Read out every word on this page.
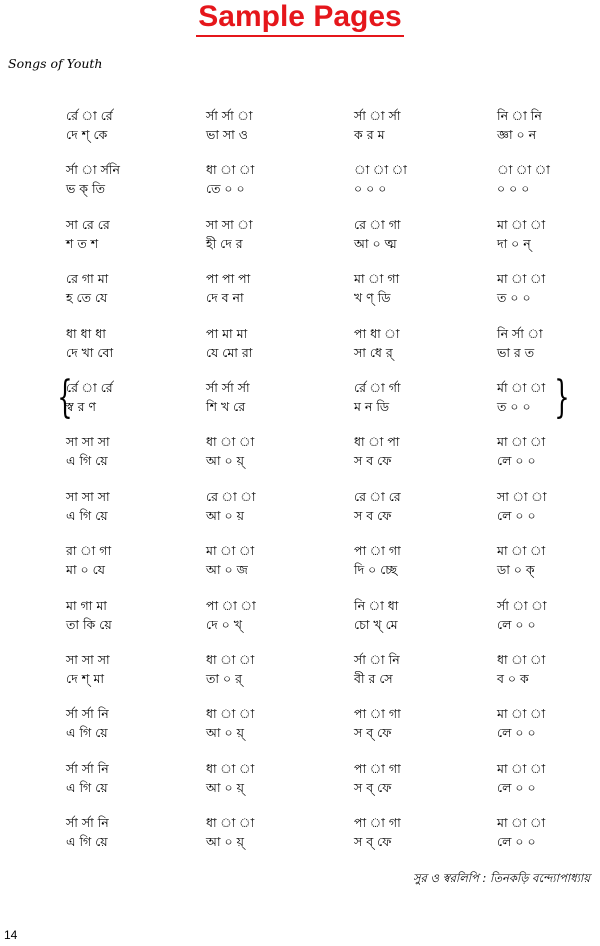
Sample Pages
Songs of Youth
র্রে া র্রে	র্সা র্সা া	র্সা া র্সা	নি া নি
দে শ্ কে	ভা সা ও	ক র ম	জ্ঞা ০ ন
র্সা া র্সনি	ধা া া	া া া	া া া
ভ ক্ তি	তে ০ ০	০ ০ ০	০ ০ ০
সা রে রে	সা সা া	রে া গা	মা া া
শ ত শ	হী দে র	আ ০ ত্ম	দা ০ ন্
রে গা মা	পা পা পা	মা া গা	মা া া
হ তে যে	দে ব না	খ ণ্ ডি	ত ০ ০
ধা ধা ধা	পা মা মা	পা ধা া	নি র্সা া
দে খা বো	যে মো রা	সা ধে র্	ভা র ত
{	}
র্রে া র্রে	র্সা র্সা র্সা	র্রে া র্গা	র্মা া া
স্ব র ণ	শি খ রে	ম ন ডি	ত ০ ০
সা সা সা	ধা া া	ধা া পা	মা া া
এ গি য়ে	আ ০ য়্	স ব ফে	লে ০ ০
সা সা সা	রে া া	রে া রে	সা া া
এ গি য়ে	আ ০ য়	স ব ফে	লে ০ ০
রা া গা	মা া া	পা া গা	মা া া
মা ০ যে	আ ০ জ	দি ০ চ্ছে	ডা ০ ক্
মা গা মা	পা া া	নি া ধা	র্সা া া
তা কি য়ে	দে ০ খ্	চো খ্ মে	লে ০ ০
সা সা সা	ধা া া	র্সা া নি	ধা া া
দে শ্ মা	তা ০ র্	বী র সে	ব ০ ক
র্সা র্সা নি	ধা া া	পা া গা	মা া া
এ গি য়ে	আ ০ য়্	স ব্ ফে	লে ০ ০
র্সা র্সা নি	ধা া া	পা া গা	মা া া
এ গি য়ে	আ ০ য়্	স ব্ ফে	লে ০ ০
র্সা র্সা নি	ধা া া	পা া গা	মা া া
এ গি য়ে	আ ০ য়্	স ব্ ফে	লে ০ ০
সুর ও স্বরলিপি : তিনকড়ি বন্দ্যোপাধ্যায়
14
